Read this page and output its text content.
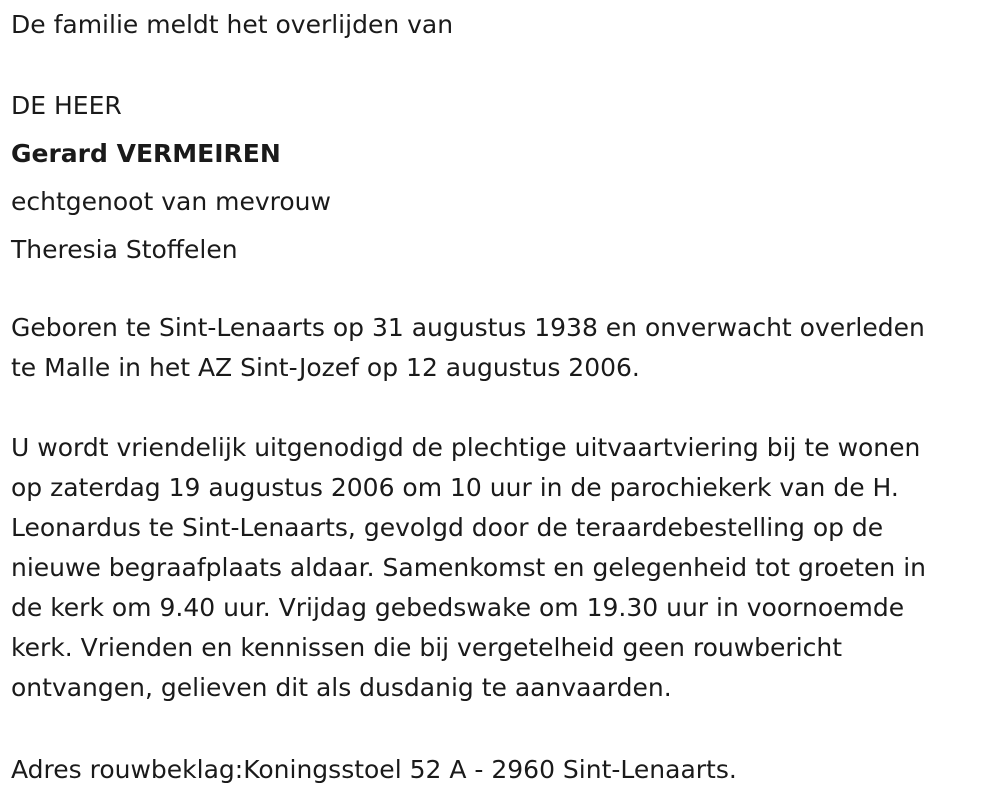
De familie meldt het overlijden van
DE HEER
Gerard VERMEIREN
echtgenoot van mevrouw
Theresia Stoffelen
Geboren te Sint-Lenaarts op 31 augustus 1938 en onverwacht overleden
te Malle in het AZ Sint-Jozef op 12 augustus 2006.
U wordt vriendelijk uitgenodigd de plechtige uitvaartviering bij te wonen
op zaterdag 19 augustus 2006 om 10 uur in de parochiekerk van de H.
Leonardus te Sint-Lenaarts, gevolgd door de teraardebestelling op de
nieuwe begraafplaats aldaar. Samenkomst en gelegenheid tot groeten in
de kerk om 9.40 uur. Vrijdag gebedswake om 19.30 uur in voornoemde
kerk. Vrienden en kennissen die bij vergetelheid geen rouwbericht
ontvangen, gelieven dit als dusdanig te aanvaarden.
Adres rouwbeklag:Koningsstoel 52 A - 2960 Sint-Lenaarts.
